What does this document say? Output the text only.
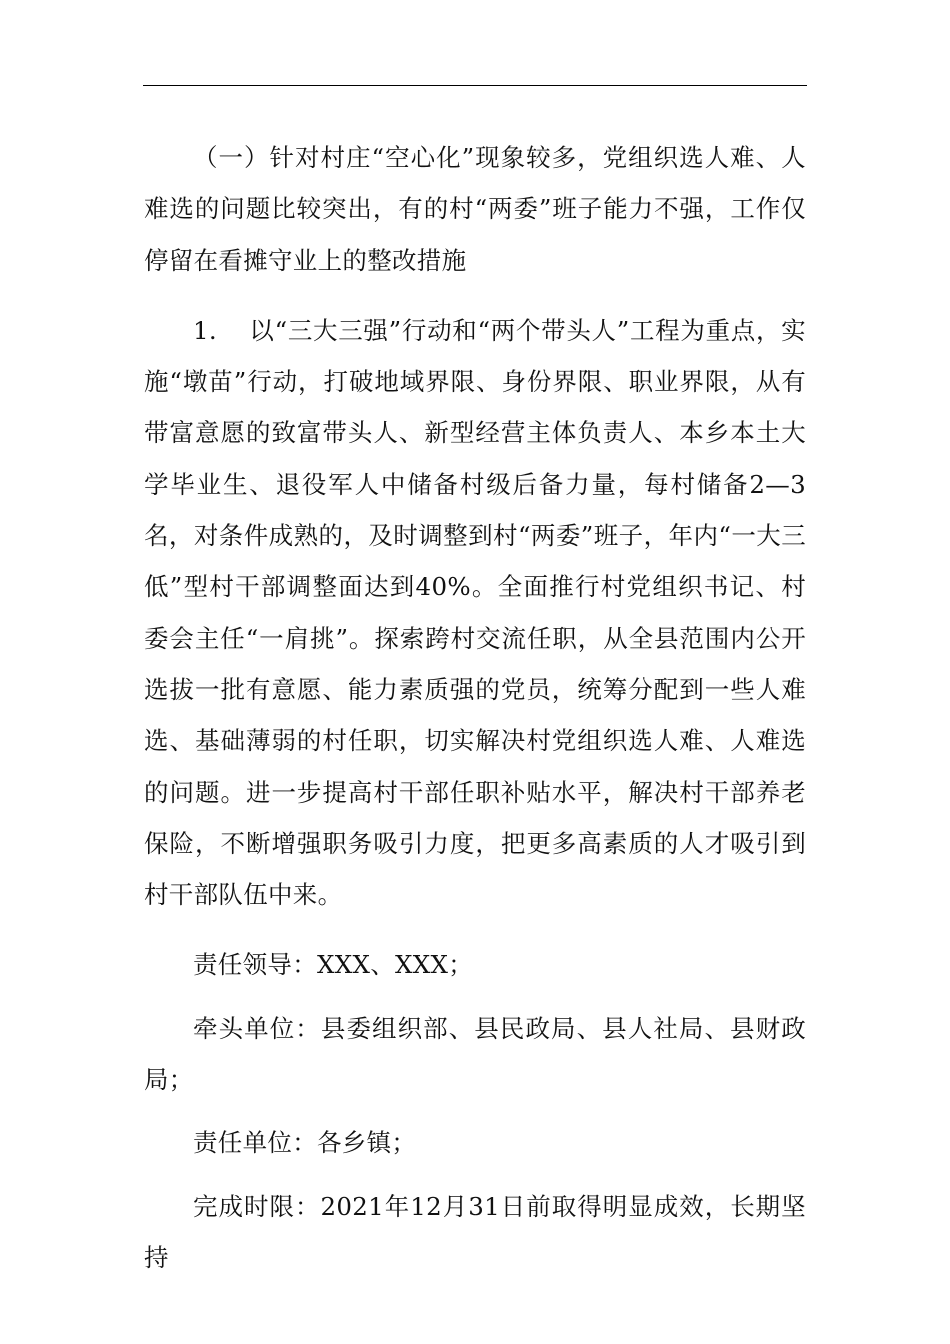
（一）针对村庄“空心化”现象较多，党组织选人难、人难选的问题比较突出，有的村“两委”班子能力不强，工作仅停留在看摊守业上的整改措施

1. 以“三大三强”行动和“两个带头人”工程为重点，实施“墩苗”行动，打破地域界限、身份界限、职业界限，从有带富意愿的致富带头人、新型经营主体负责人、本乡本土大学毕业生、退役军人中储备村级后备力量，每村储备2—3名，对条件成熟的，及时调整到村“两委”班子，年内“一大三低”型村干部调整面达到40%。全面推行村党组织书记、村委会主任“一肩挑”。探索跨村交流任职，从全县范围内公开选拔一批有意愿、能力素质强的党员，统筹分配到一些人难选、基础薄弱的村任职，切实解决村党组织选人难、人难选的问题。进一步提高村干部任职补贴水平，解决村干部养老保险，不断增强职务吸引力度，把更多高素质的人才吸引到村干部队伍中来。

责任领导：XXX、XXX；

牵头单位：县委组织部、县民政局、县人社局、县财政局；

责任单位：各乡镇；

完成时限：2021年12月31日前取得明显成效，长期坚持
